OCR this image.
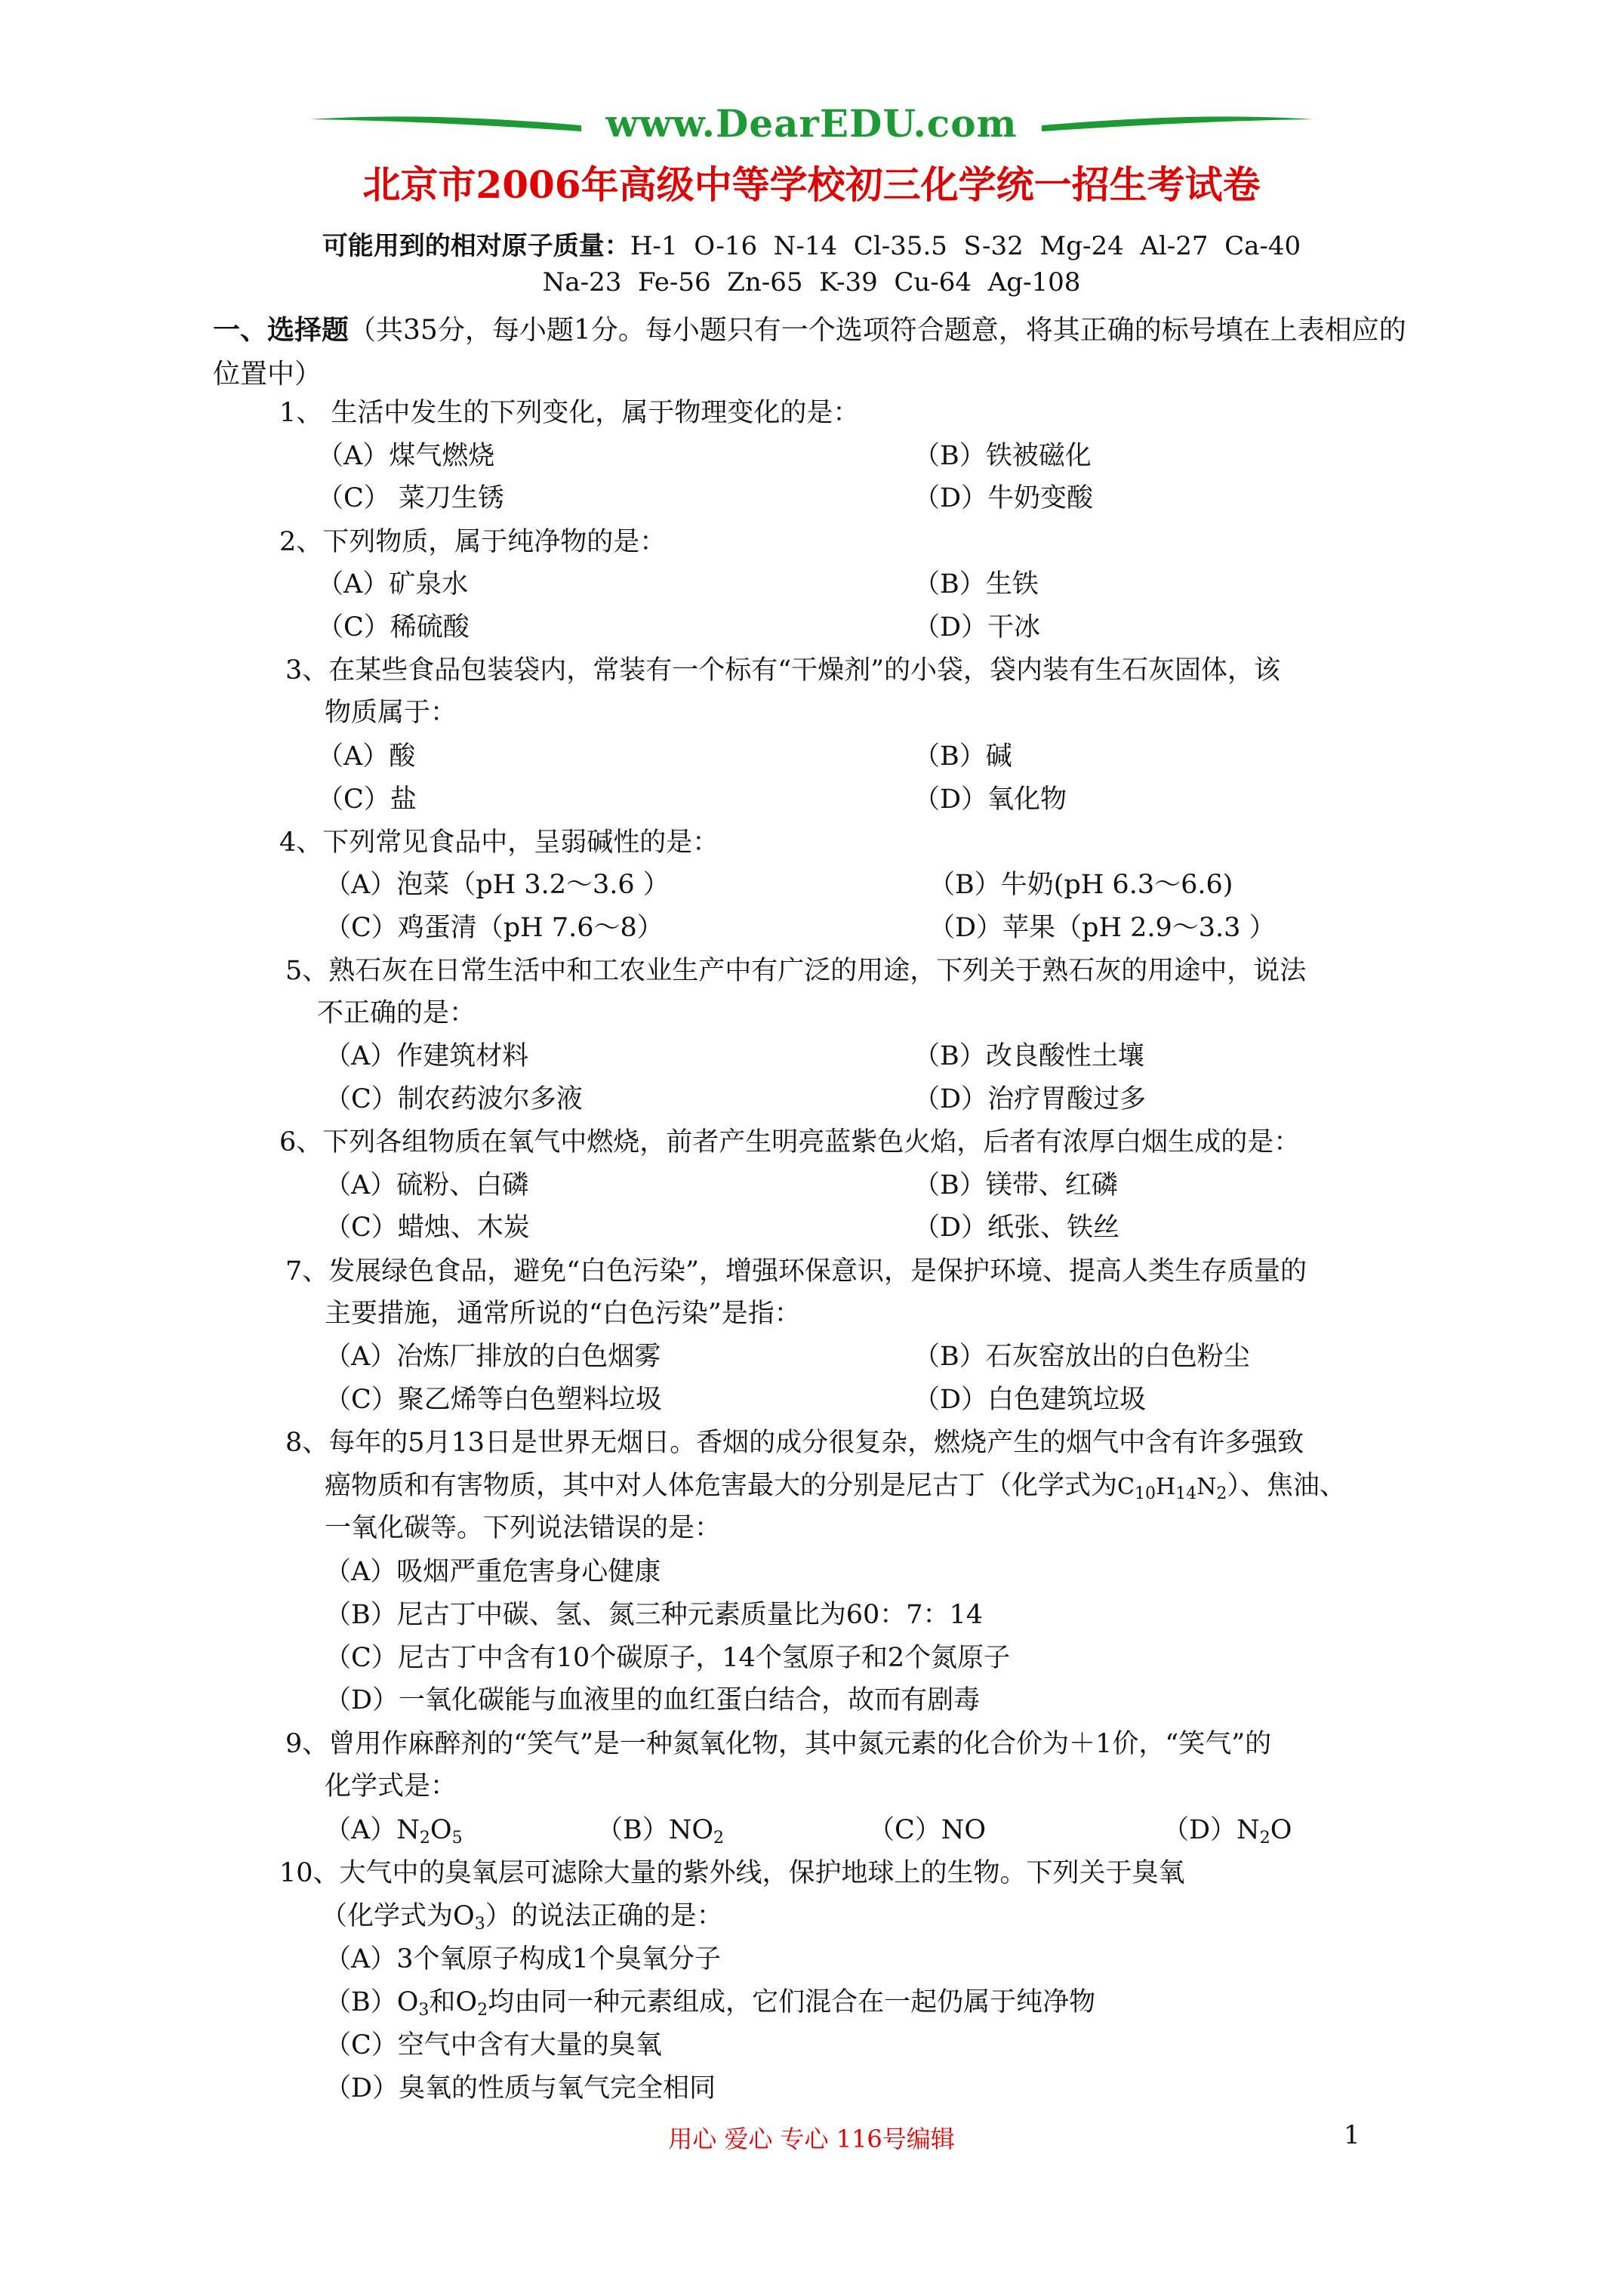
www.DearEDU.com
北京市2006年高级中等学校初三化学统一招生考试卷
可能用到的相对原子质量：H-1  O-16  N-14  Cl-35.5  S-32  Mg-24  Al-27  Ca-40
Na-23  Fe-56  Zn-65  K-39  Cu-64  Ag-108
一、选择题（共35分，每小题1分。每小题只有一个选项符合题意，将其正确的标号填在上表相应的位置中）
1、 生活中发生的下列变化，属于物理变化的是：
（A）煤气燃烧	（B）铁被磁化
（C） 菜刀生锈	（D）牛奶变酸
2、下列物质，属于纯净物的是：
（A）矿泉水	（B）生铁
（C）稀硫酸	（D）干冰
3、在某些食品包装袋内，常装有一个标有“干燥剂”的小袋，袋内装有生石灰固体，该
物质属于：
（A）酸	（B）碱
（C）盐	（D）氧化物
4、下列常见食品中，呈弱碱性的是：
（A）泡菜（pH 3.2～3.6 ）	（B）牛奶(pH 6.3～6.6)
（C）鸡蛋清（pH 7.6～8）	（D）苹果（pH 2.9～3.3 ）
5、熟石灰在日常生活中和工农业生产中有广泛的用途，下列关于熟石灰的用途中，说法
不正确的是：
（A）作建筑材料	（B）改良酸性土壤
（C）制农药波尔多液	（D）治疗胃酸过多
6、下列各组物质在氧气中燃烧，前者产生明亮蓝紫色火焰，后者有浓厚白烟生成的是：
（A）硫粉、白磷	（B）镁带、红磷
（C）蜡烛、木炭	（D）纸张、铁丝
7、发展绿色食品，避免“白色污染”，增强环保意识，是保护环境、提高人类生存质量的
主要措施，通常所说的“白色污染”是指：
（A）冶炼厂排放的白色烟雾	（B）石灰窑放出的白色粉尘
（C）聚乙烯等白色塑料垃圾	（D）白色建筑垃圾
8、每年的5月13日是世界无烟日。香烟的成分很复杂，燃烧产生的烟气中含有许多强致
癌物质和有害物质，其中对人体危害最大的分别是尼古丁（化学式为$C_{10}H_{14}N_2$）、焦油、
一氧化碳等。下列说法错误的是：
（A）吸烟严重危害身心健康
（B）尼古丁中碳、氢、氮三种元素质量比为60：7：14
（C）尼古丁中含有10个碳原子，14个氢原子和2个氮原子
（D）一氧化碳能与血液里的血红蛋白结合，故而有剧毒
9、曾用作麻醉剂的“笑气”是一种氮氧化物，其中氮元素的化合价为＋1价，“笑气”的
化学式是：
$(A)N_2O_5$	$(B)NO_2$	（C）NO	$(D)N_2O$
10、大气中的臭氧层可滤除大量的紫外线，保护地球上的生物。下列关于臭氧
（化学式为$O_3$）的说法正确的是：
（A）3个氧原子构成1个臭氧分子
$(B)O_3$和$O_2$均由同一种元素组成，它们混合在一起仍属于纯净物
（C）空气中含有大量的臭氧
（D）臭氧的性质与氧气完全相同
用心 爱心 专心 116号编辑	1
